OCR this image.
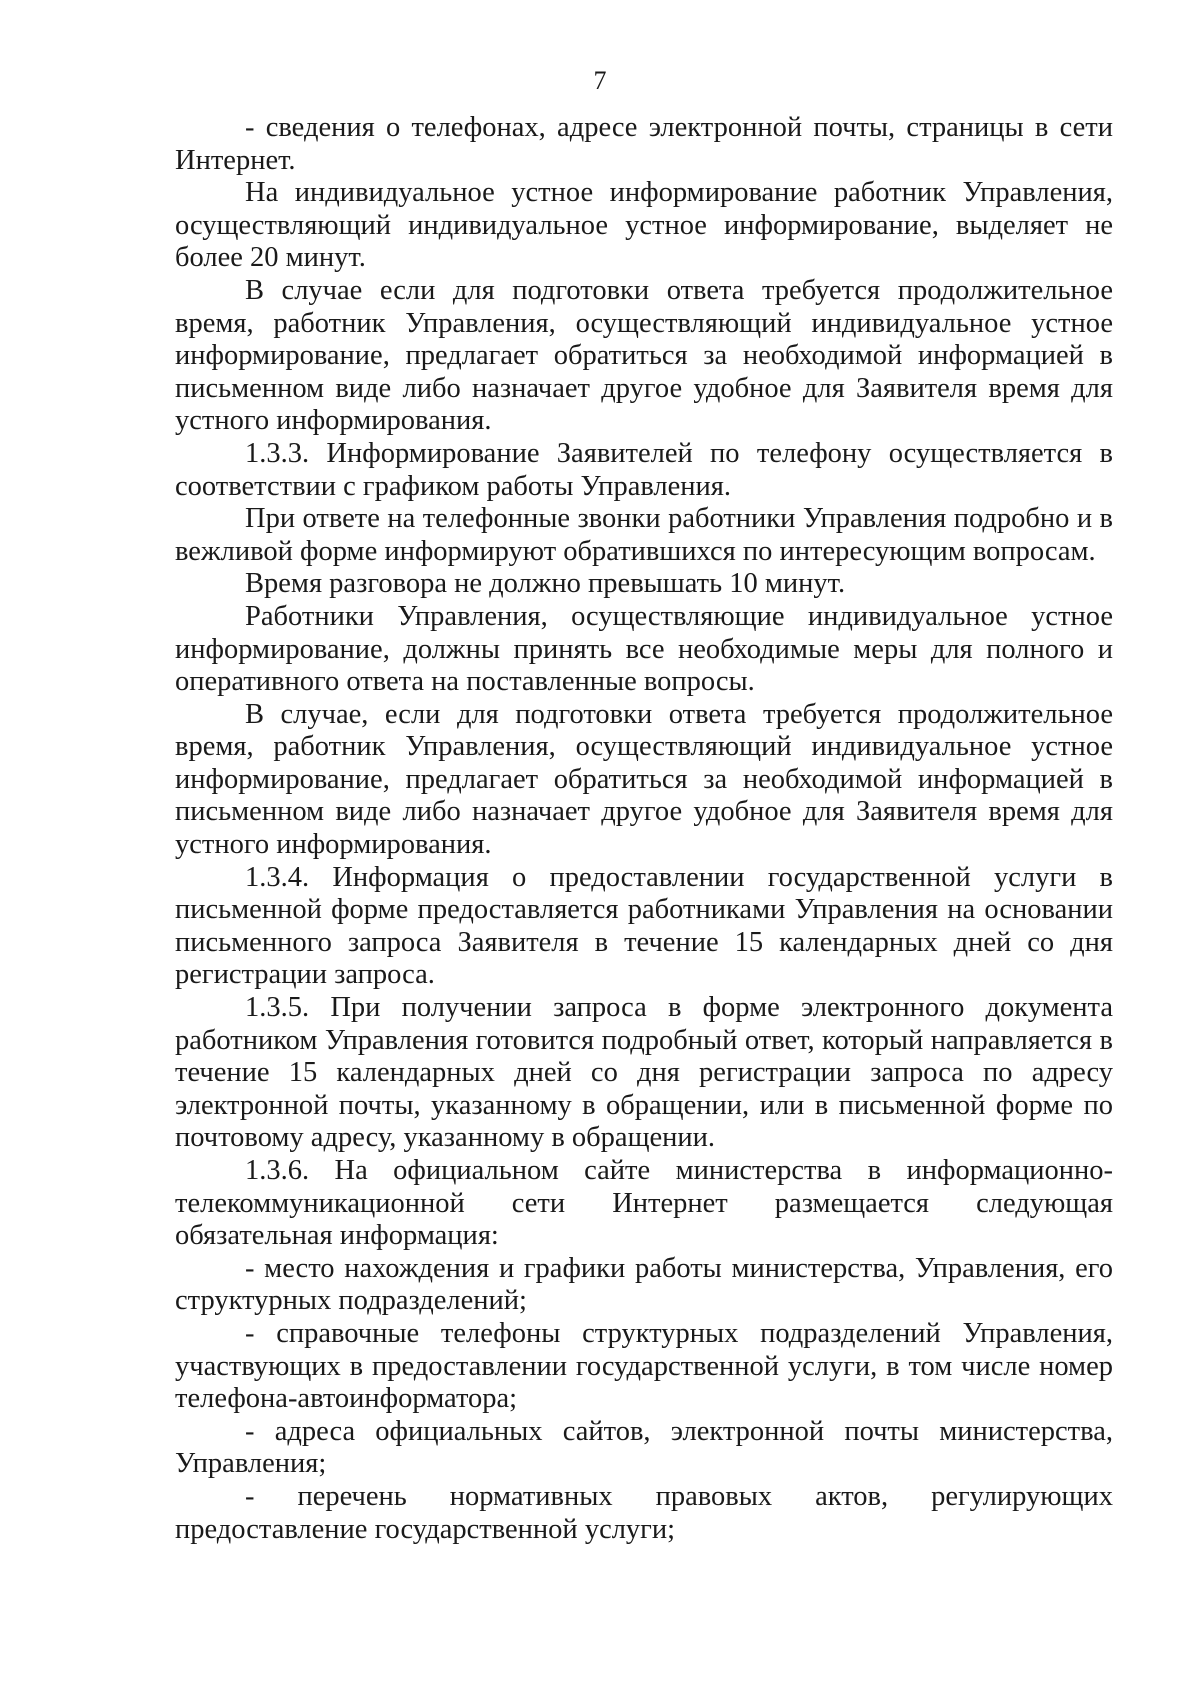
7

- сведения о телефонах, адресе электронной почты, страницы в сети Интернет.

На индивидуальное устное информирование работник Управления, осуществляющий индивидуальное устное информирование, выделяет не более 20 минут.

В случае если для подготовки ответа требуется продолжительное время, работник Управления, осуществляющий индивидуальное устное информирование, предлагает обратиться за необходимой информацией в письменном виде либо назначает другое удобное для Заявителя время для устного информирования.

1.3.3. Информирование Заявителей по телефону осуществляется в соответствии с графиком работы Управления.

При ответе на телефонные звонки работники Управления подробно и в вежливой форме информируют обратившихся по интересующим вопросам.

Время разговора не должно превышать 10 минут.

Работники Управления, осуществляющие индивидуальное устное информирование, должны принять все необходимые меры для полного и оперативного ответа на поставленные вопросы.

В случае, если для подготовки ответа требуется продолжительное время, работник Управления, осуществляющий индивидуальное устное информирование, предлагает обратиться за необходимой информацией в письменном виде либо назначает другое удобное для Заявителя время для устного информирования.

1.3.4. Информация о предоставлении государственной услуги в письменной форме предоставляется работниками Управления на основании письменного запроса Заявителя в течение 15 календарных дней со дня регистрации запроса.

1.3.5. При получении запроса в форме электронного документа работником Управления готовится подробный ответ, который направляется в течение 15 календарных дней со дня регистрации запроса по адресу электронной почты, указанному в обращении, или в письменной форме по почтовому адресу, указанному в обращении.

1.3.6. На официальном сайте министерства в информационно-телекоммуникационной сети Интернет размещается следующая обязательная информация:

- место нахождения и графики работы министерства, Управления, его структурных подразделений;

- справочные телефоны структурных подразделений Управления, участвующих в предоставлении государственной услуги, в том числе номер телефона-автоинформатора;

- адреса официальных сайтов, электронной почты министерства, Управления;

- перечень нормативных правовых актов, регулирующих предоставление государственной услуги;
